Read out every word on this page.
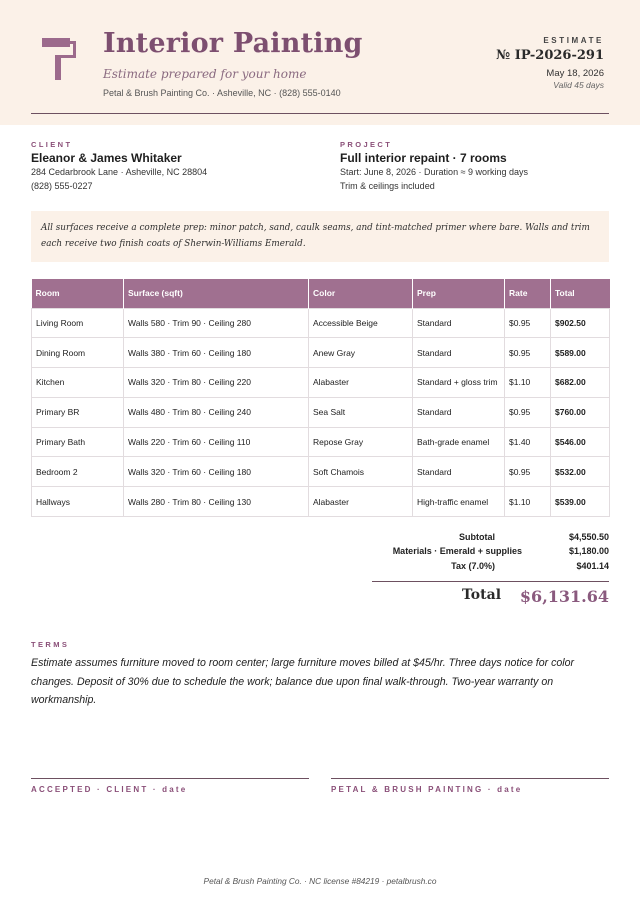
Interior Painting
Estimate prepared for your home
Petal & Brush Painting Co. · Asheville, NC · (828) 555-0140
ESTIMATE
№ IP-2026-291
May 18, 2026
Valid 45 days
CLIENT
Eleanor & James Whitaker
284 Cedarbrook Lane · Asheville, NC 28804
(828) 555-0227
PROJECT
Full interior repaint · 7 rooms
Start: June 8, 2026 · Duration ≈ 9 working days
Trim & ceilings included
All surfaces receive a complete prep: minor patch, sand, caulk seams, and tint-matched primer where bare. Walls and trim each receive two finish coats of Sherwin-Williams Emerald.
Room	Surface (sqft)	Color	Prep	Rate	Total
Living Room	Walls 580 · Trim 90 · Ceiling 280	Accessible Beige	Standard	$0.95	$902.50
Dining Room	Walls 380 · Trim 60 · Ceiling 180	Anew Gray	Standard	$0.95	$589.00
Kitchen	Walls 320 · Trim 80 · Ceiling 220	Alabaster	Standard + gloss trim	$1.10	$682.00
Primary BR	Walls 480 · Trim 80 · Ceiling 240	Sea Salt	Standard	$0.95	$760.00
Primary Bath	Walls 220 · Trim 60 · Ceiling 110	Repose Gray	Bath-grade enamel	$1.40	$546.00
Bedroom 2	Walls 320 · Trim 60 · Ceiling 180	Soft Chamois	Standard	$0.95	$532.00
Hallways	Walls 280 · Trim 80 · Ceiling 130	Alabaster	High-traffic enamel	$1.10	$539.00
Subtotal	$4,550.50
Materials · Emerald + supplies	$1,180.00
Tax (7.0%)	$401.14
Total $6,131.64
TERMS
Estimate assumes furniture moved to room center; large furniture moves billed at $45/hr. Three days notice for color changes. Deposit of 30% due to schedule the work; balance due upon final walk-through. Two-year warranty on workmanship.
ACCEPTED · CLIENT · date	PETAL & BRUSH PAINTING · date
Petal & Brush Painting Co. · NC license #84219 · petalbrush.co
